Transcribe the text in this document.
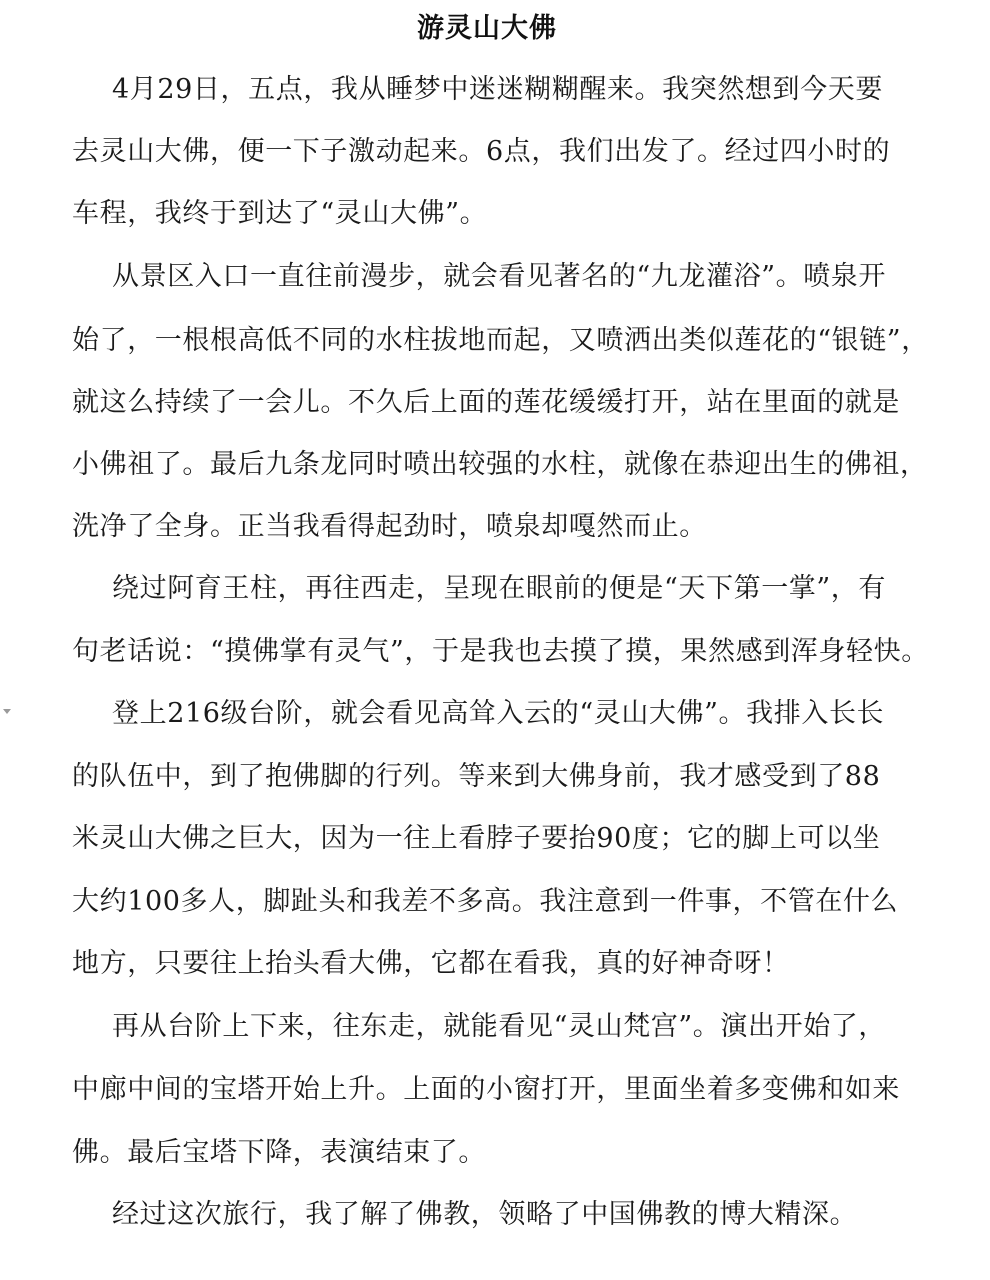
游灵山大佛
4月29日，五点，我从睡梦中迷迷糊糊醒来。我突然想到今天要
去灵山大佛，便一下子激动起来。6点，我们出发了。经过四小时的
车程，我终于到达了“灵山大佛”。
从景区入口一直往前漫步，就会看见著名的“九龙灌浴”。喷泉开
始了，一根根高低不同的水柱拔地而起，又喷洒出类似莲花的“银链”，
就这么持续了一会儿。不久后上面的莲花缓缓打开，站在里面的就是
小佛祖了。最后九条龙同时喷出较强的水柱，就像在恭迎出生的佛祖，
洗净了全身。正当我看得起劲时，喷泉却嘎然而止。
绕过阿育王柱，再往西走，呈现在眼前的便是“天下第一掌”，有
句老话说：“摸佛掌有灵气”，于是我也去摸了摸，果然感到浑身轻快。
登上216级台阶，就会看见高耸入云的“灵山大佛”。我排入长长
的队伍中，到了抱佛脚的行列。等来到大佛身前，我才感受到了88
米灵山大佛之巨大，因为一往上看脖子要抬90度；它的脚上可以坐
大约100多人，脚趾头和我差不多高。我注意到一件事，不管在什么
地方，只要往上抬头看大佛，它都在看我，真的好神奇呀！
再从台阶上下来，往东走，就能看见“灵山梵宫”。演出开始了，
中廊中间的宝塔开始上升。上面的小窗打开，里面坐着多变佛和如来
佛。最后宝塔下降，表演结束了。
经过这次旅行，我了解了佛教，领略了中国佛教的博大精深。
